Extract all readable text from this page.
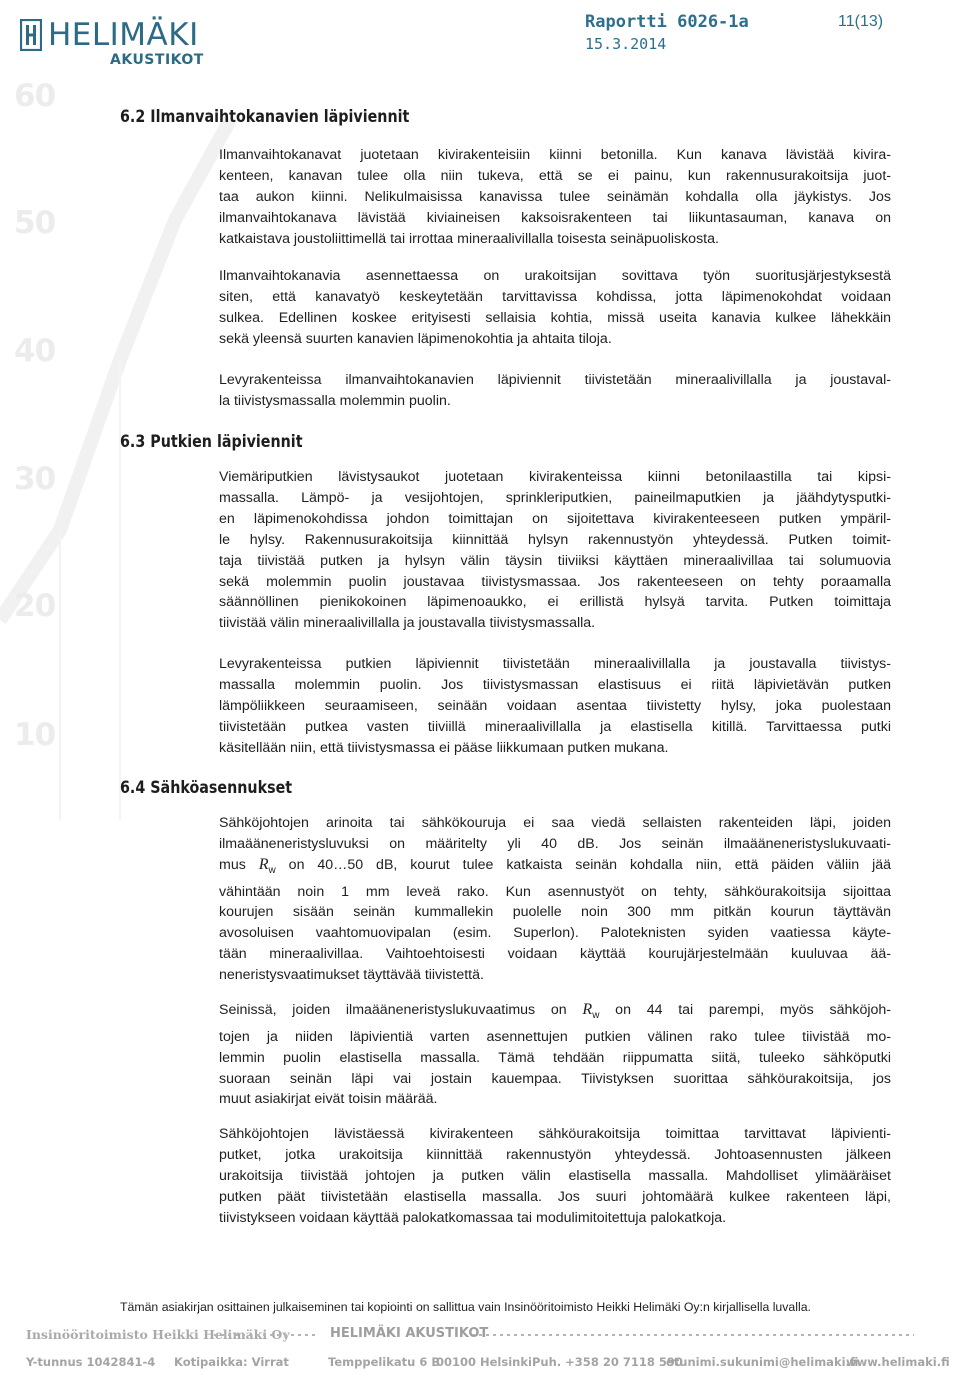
60
50
40
30
20
10
HELIMÄKI
AKUSTIKOT
Raportti 6026-1a
15.3.2014
11(13)
6.2 Ilmanvaihtokanavien läpiviennit
Ilmanvaihtokanavat juotetaan kivirakenteisiin kiinni betonilla. Kun kanava lävistää kivira-
kenteen, kanavan tulee olla niin tukeva, että se ei painu, kun rakennusurakoitsija juot-
taa aukon kiinni. Nelikulmaisissa kanavissa tulee seinämän kohdalla olla jäykistys. Jos
ilmanvaihtokanava lävistää kiviaineisen kaksoisrakenteen tai liikuntasauman, kanava on
katkaistava joustoliittimellä tai irrottaa mineraalivillalla toisesta seinäpuoliskosta.
Ilmanvaihtokanavia asennettaessa on urakoitsijan sovittava työn suoritusjärjestyksestä
siten, että kanavatyö keskeytetään tarvittavissa kohdissa, jotta läpimenokohdat voidaan
sulkea. Edellinen koskee erityisesti sellaisia kohtia, missä useita kanavia kulkee lähekkäin
sekä yleensä suurten kanavien läpimenokohtia ja ahtaita tiloja.
Levyrakenteissa ilmanvaihtokanavien läpiviennit tiivistetään mineraalivillalla ja joustaval-
la tiivistysmassalla molemmin puolin.
6.3 Putkien läpiviennit
Viemäriputkien lävistysaukot juotetaan kivirakenteissa kiinni betonilaastilla tai kipsi-
massalla. Lämpö- ja vesijohtojen, sprinkleriputkien, paineilmaputkien ja jäähdytysputki-
en läpimenokohdissa johdon toimittajan on sijoitettava kivirakenteeseen putken ympäril-
le hylsy. Rakennusurakoitsija kiinnittää hylsyn rakennustyön yhteydessä. Putken toimit-
taja tiivistää putken ja hylsyn välin täysin tiiviiksi käyttäen mineraalivillaa tai solumuovia
sekä molemmin puolin joustavaa tiivistysmassaa. Jos rakenteeseen on tehty poraamalla
säännöllinen pienikokoinen läpimenoaukko, ei erillistä hylsyä tarvita. Putken toimittaja
tiivistää välin mineraalivillalla ja joustavalla tiivistysmassalla.
Levyrakenteissa putkien läpiviennit tiivistetään mineraalivillalla ja joustavalla tiivistys-
massalla molemmin puolin. Jos tiivistysmassan elastisuus ei riitä läpivietävän putken
lämpöliikkeen seuraamiseen, seinään voidaan asentaa tiivistetty hylsy, joka puolestaan
tiivistetään putkea vasten tiiviillä mineraalivillalla ja elastisella kitillä. Tarvittaessa putki
käsitellään niin, että tiivistysmassa ei pääse liikkumaan putken mukana.
6.4 Sähköasennukset
Sähköjohtojen arinoita tai sähkökouruja ei saa viedä sellaisten rakenteiden läpi, joiden
ilmaääneneristysluvuksi on määritelty yli 40 dB. Jos seinän ilmaääneneristyslukuvaati-
mus $R_w$ on 40…50 dB, kourut tulee katkaista seinän kohdalla niin, että päiden väliin jää
vähintään noin 1 mm leveä rako. Kun asennustyöt on tehty, sähköurakoitsija sijoittaa
kourujen sisään seinän kummallekin puolelle noin 300 mm pitkän kourun täyttävän
avosoluisen vaahtomuovipalan (esim. Superlon). Paloteknisten syiden vaatiessa käyte-
tään mineraalivillaa. Vaihtoehtoisesti voidaan käyttää kourujärjestelmään kuuluvaa ää-
neneristysvaatimukset täyttävää tiivistettä.
Seinissä, joiden ilmaääneneristyslukuvaatimus on $R_w$ on 44 tai parempi, myös sähköjoh-
tojen ja niiden läpivientiä varten asennettujen putkien välinen rako tulee tiivistää mo-
lemmin puolin elastisella massalla. Tämä tehdään riippumatta siitä, tuleeko sähköputki
suoraan seinän läpi vai jostain kauempaa. Tiivistyksen suorittaa sähköurakoitsija, jos
muut asiakirjat eivät toisin määrää.
Sähköjohtojen lävistäessä kivirakenteen sähköurakoitsija toimittaa tarvittavat läpivienti-
putket, jotka urakoitsija kiinnittää rakennustyön yhteydessä. Johtoasennusten jälkeen
urakoitsija tiivistää johtojen ja putken välin elastisella massalla. Mahdolliset ylimääräiset
putken päät tiivistetään elastisella massalla. Jos suuri johtomäärä kulkee rakenteen läpi,
tiivistykseen voidaan käyttää palokatkomassaa tai modulimitoitettuja palokatkoja.
Tämän asiakirjan osittainen julkaiseminen tai kopiointi on sallittua vain Insinööritoimisto Heikki Helimäki Oy:n kirjallisella luvalla.
Insinööritoimisto Heikki Helimäki Oy	HELIMÄKI AKUSTIKOT
Y-tunnus 1042841-4 Kotipaikka: Virrat	Temppelikatu 6 B
00100 Helsinki Puh. +358 20 7118 590
etunimi.sukunimi@helimaki.fi
www.helimaki.fi
